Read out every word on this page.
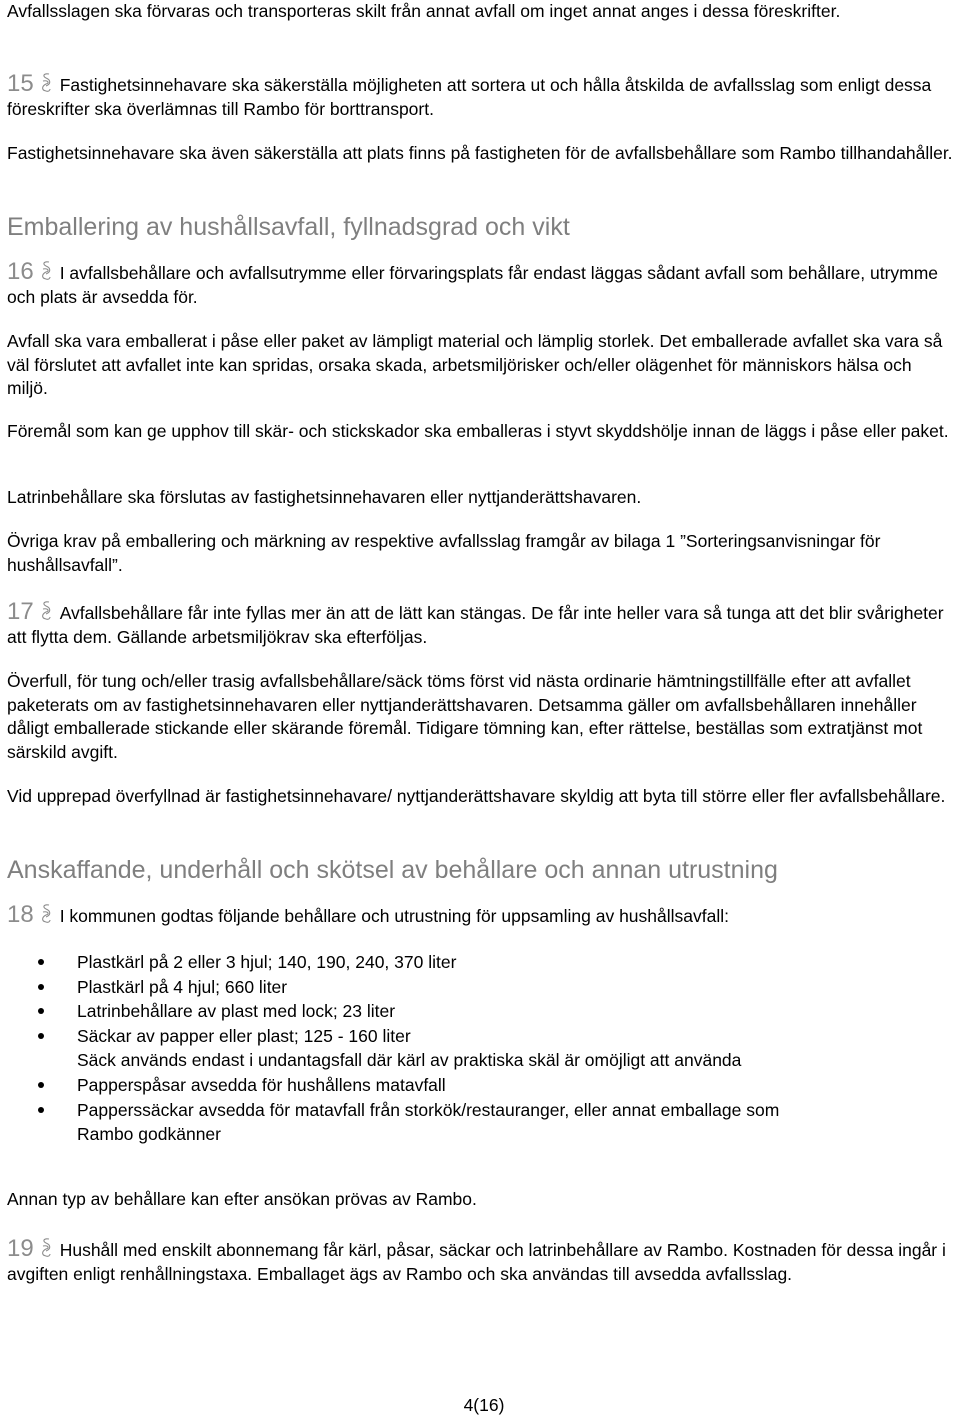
Avfallsslagen ska förvaras och transporteras skilt från annat avfall om inget annat anges i dessa föreskrifter.

15 Fastighetsinnehavare ska säkerställa möjligheten att sortera ut och hålla åtskilda de avfallsslag som enligt dessa föreskrifter ska överlämnas till Rambo för borttransport.

Fastighetsinnehavare ska även säkerställa att plats finns på fastigheten för de avfallsbehållare som Rambo tillhandahåller.

Emballering av hushållsavfall, fyllnadsgrad och vikt

16 I avfallsbehållare och avfallsutrymme eller förvaringsplats får endast läggas sådant avfall som behållare, utrymme och plats är avsedda för.

Avfall ska vara emballerat i påse eller paket av lämpligt material och lämplig storlek. Det emballerade avfallet ska vara så väl förslutet att avfallet inte kan spridas, orsaka skada, arbetsmiljörisker och/eller olägenhet för människors hälsa och miljö.

Föremål som kan ge upphov till skär- och stickskador ska emballeras i styvt skyddshölje innan de läggs i påse eller paket.

Latrinbehållare ska förslutas av fastighetsinnehavaren eller nyttjanderättshavaren.

Övriga krav på emballering och märkning av respektive avfallsslag framgår av bilaga 1 ”Sorteringsanvisningar för hushållsavfall”.

17 Avfallsbehållare får inte fyllas mer än att de lätt kan stängas. De får inte heller vara så tunga att det blir svårigheter att flytta dem. Gällande arbetsmiljökrav ska efterföljas.

Överfull, för tung och/eller trasig avfallsbehållare/säck töms först vid nästa ordinarie hämtningstillfälle efter att avfallet paketerats om av fastighetsinnehavaren eller nyttjanderättshavaren. Detsamma gäller om avfallsbehållaren innehåller dåligt emballerade stickande eller skärande föremål. Tidigare tömning kan, efter rättelse, beställas som extratjänst mot särskild avgift.

Vid upprepad överfyllnad är fastighetsinnehavare/ nyttjanderättshavare skyldig att byta till större eller fler avfallsbehållare.

Anskaffande, underhåll och skötsel av behållare och annan utrustning

18 I kommunen godtas följande behållare och utrustning för uppsamling av hushållsavfall:

Plastkärl på 2 eller 3 hjul; 140, 190, 240, 370 liter
Plastkärl på 4 hjul; 660 liter
Latrinbehållare av plast med lock; 23 liter
Säckar av papper eller plast; 125 - 160 liter
Säck används endast i undantagsfall där kärl av praktiska skäl är omöjligt att använda
Papperspåsar avsedda för hushållens matavfall
Papperssäckar avsedda för matavfall från storkök/restauranger, eller annat emballage som
Rambo godkänner

Annan typ av behållare kan efter ansökan prövas av Rambo.

19 Hushåll med enskilt abonnemang får kärl, påsar, säckar och latrinbehållare av Rambo. Kostnaden för dessa ingår i avgiften enligt renhållningstaxa. Emballaget ägs av Rambo och ska användas till avsedda avfallsslag.

4(16)
